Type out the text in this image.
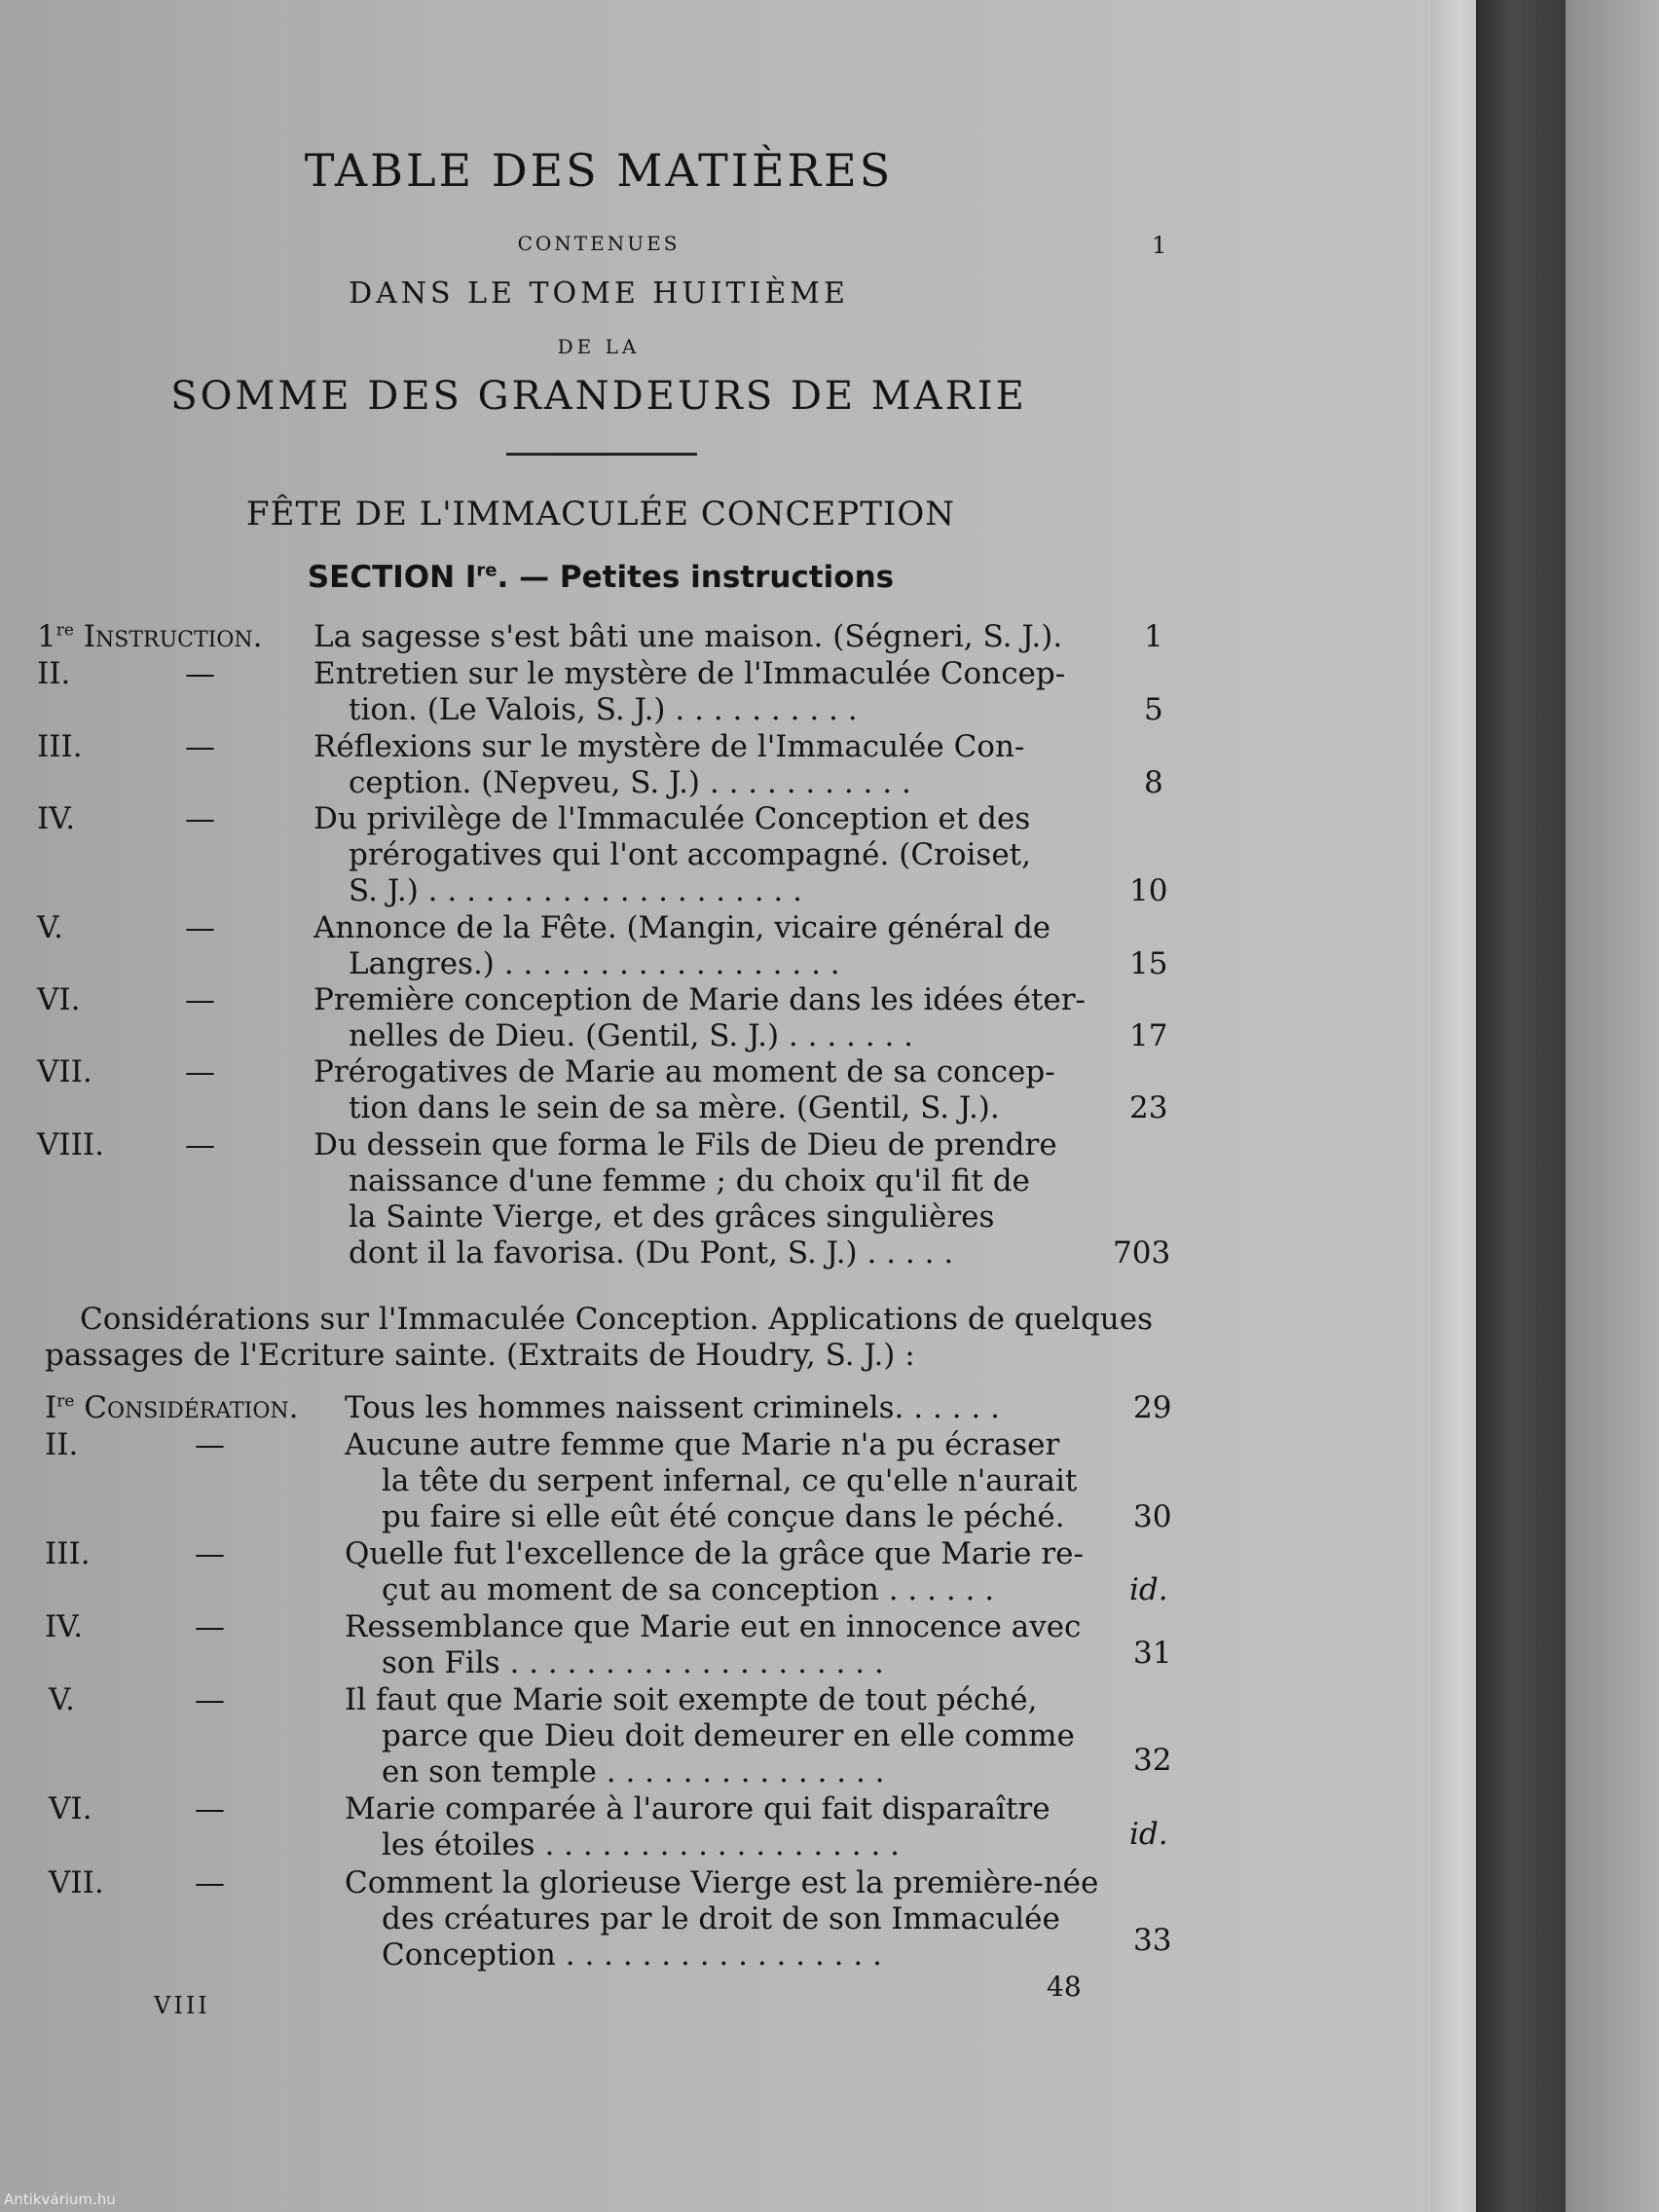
TABLE DES MATIÈRES
CONTENUES	1
DANS LE TOME HUITIÈME
DE LA
SOMME DES GRANDEURS DE MARIE
FÊTE DE L'IMMACULÉE CONCEPTION
SECTION Ire. — Petites instructions
1re Instruction. La sagesse s'est bâti une maison. (Ségneri, S. J.).	1
II.	—	Entretien sur le mystère de l'Immaculée Concep-
tion. (Le Valois, S. J.) . . . . . . . . . .	5
III.	—	Réflexions sur le mystère de l'Immaculée Con-
ception. (Nepveu, S. J.) . . . . . . . . . . .	8
IV.	—	Du privilège de l'Immaculée Conception et des
prérogatives qui l'ont accompagné. (Croiset,
S. J.) . . . . . . . . . . . . . . . . . . . .	10
V.	—	Annonce de la Fête. (Mangin, vicaire général de
Langres.) . . . . . . . . . . . . . . . . . .	15
VI.	—	Première conception de Marie dans les idées éter-
nelles de Dieu. (Gentil, S. J.) . . . . . . .	17
VII.	—	Prérogatives de Marie au moment de sa concep-
tion dans le sein de sa mère. (Gentil, S. J.).	23
VIII.	—	Du dessein que forma le Fils de Dieu de prendre
naissance d'une femme ; du choix qu'il fit de
la Sainte Vierge, et des grâces singulières
dont il la favorisa. (Du Pont, S. J.) . . . . .	703
Considérations sur l'Immaculée Conception. Applications de quelques
passages de l'Ecriture sainte. (Extraits de Houdry, S. J.) :
Ire Considération. Tous les hommes naissent criminels. . . . . .	29
II.	—	Aucune autre femme que Marie n'a pu écraser
la tête du serpent infernal, ce qu'elle n'aurait
pu faire si elle eût été conçue dans le péché. 30
III.	—	Quelle fut l'excellence de la grâce que Marie re-
çut au moment de sa conception . . . . . .	id.
IV.	—	Ressemblance que Marie eut en innocence avec
son Fils . . . . . . . . . . . . . . . . . . . .	31
V.	—	Il faut que Marie soit exempte de tout péché,
parce que Dieu doit demeurer en elle comme
en son temple . . . . . . . . . . . . . . .	32
VI.	—	Marie comparée à l'aurore qui fait disparaître
les étoiles . . . . . . . . . . . . . . . . . . .	id.
VII.	—	Comment la glorieuse Vierge est la première-née
des créatures par le droit de son Immaculée
Conception . . . . . . . . . . . . . . . . .	33
VIII
48
Antikvárium.hu
